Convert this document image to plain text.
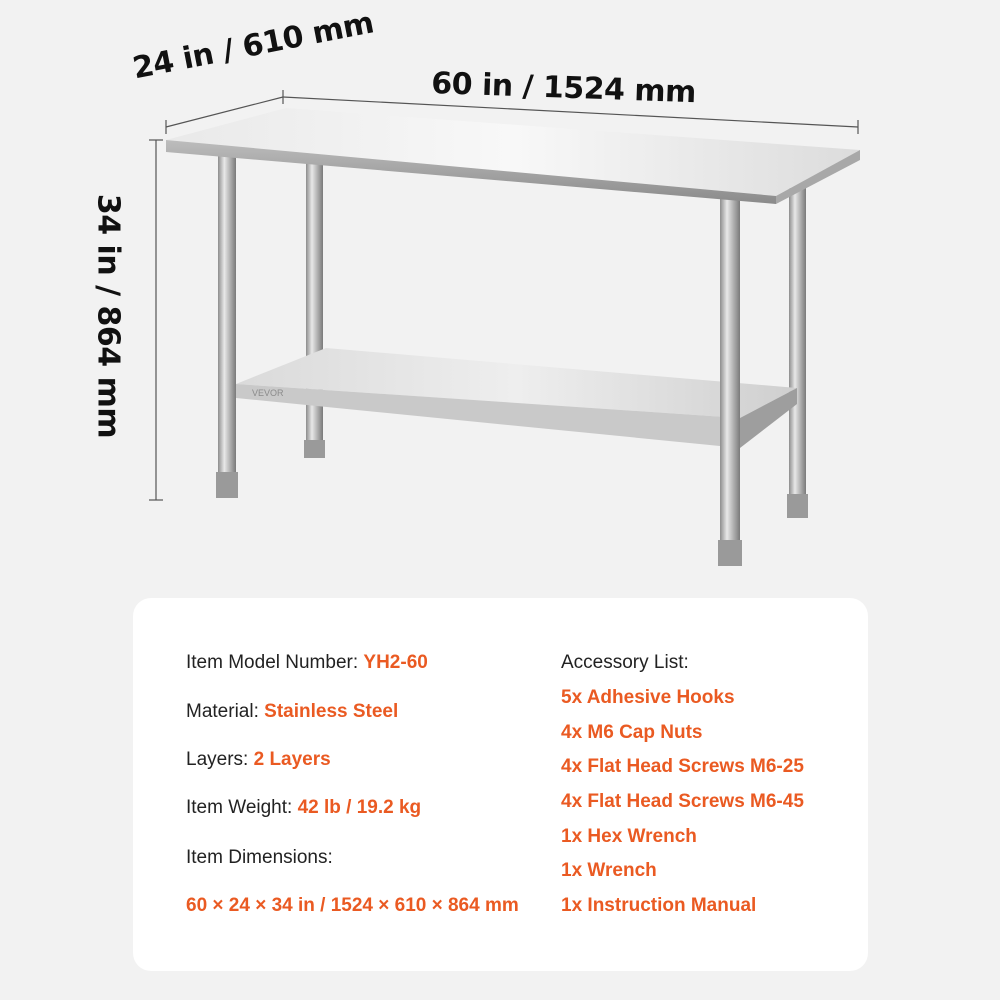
VEVOR
60 in / 1524 mm
24 in / 610 mm
34 in / 864 mm
Item Model Number: YH2-60
Material: Stainless Steel
Layers: 2 Layers
Item Weight: 42 lb / 19.2 kg
Item Dimensions:
60 × 24 × 34 in / 1524 × 610 × 864 mm
Accessory List:
5x Adhesive Hooks
4x M6 Cap Nuts
4x Flat Head Screws M6-25
4x Flat Head Screws M6-45
1x Hex Wrench
1x Wrench
1x Instruction Manual
